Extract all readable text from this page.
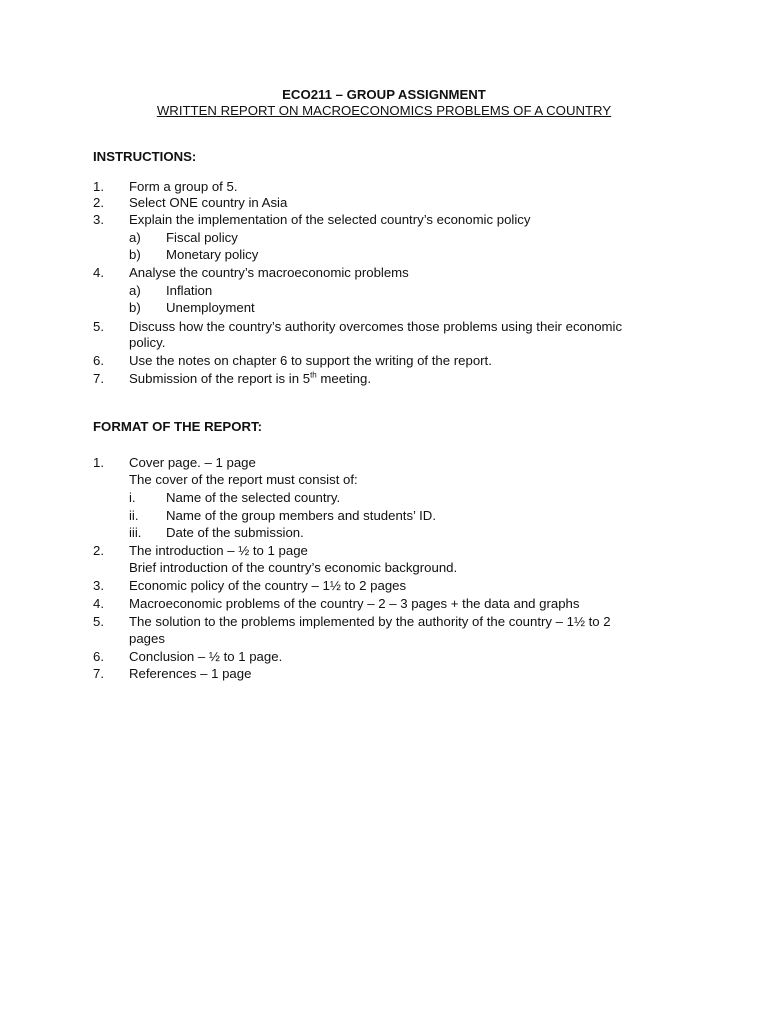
ECO211 – GROUP ASSIGNMENT
WRITTEN REPORT ON MACROECONOMICS PROBLEMS OF A COUNTRY
INSTRUCTIONS:
1. Form a group of 5.
2. Select ONE country in Asia
3. Explain the implementation of the selected country’s economic policy
a) Fiscal policy
b) Monetary policy
4. Analyse the country’s macroeconomic problems
a) Inflation
b) Unemployment
5. Discuss how the country’s authority overcomes those problems using their economic
policy.
6. Use the notes on chapter 6 to support the writing of the report.
7. Submission of the report is in 5th meeting.
FORMAT OF THE REPORT:
1. Cover page. – 1 page
The cover of the report must consist of:
i. Name of the selected country.
ii. Name of the group members and students’ ID.
iii. Date of the submission.
2. The introduction – ½ to 1 page
Brief introduction of the country’s economic background.
3. Economic policy of the country – 1½ to 2 pages
4. Macroeconomic problems of the country – 2 – 3 pages + the data and graphs
5. The solution to the problems implemented by the authority of the country – 1½ to 2
pages
6. Conclusion – ½ to 1 page.
7. References – 1 page
